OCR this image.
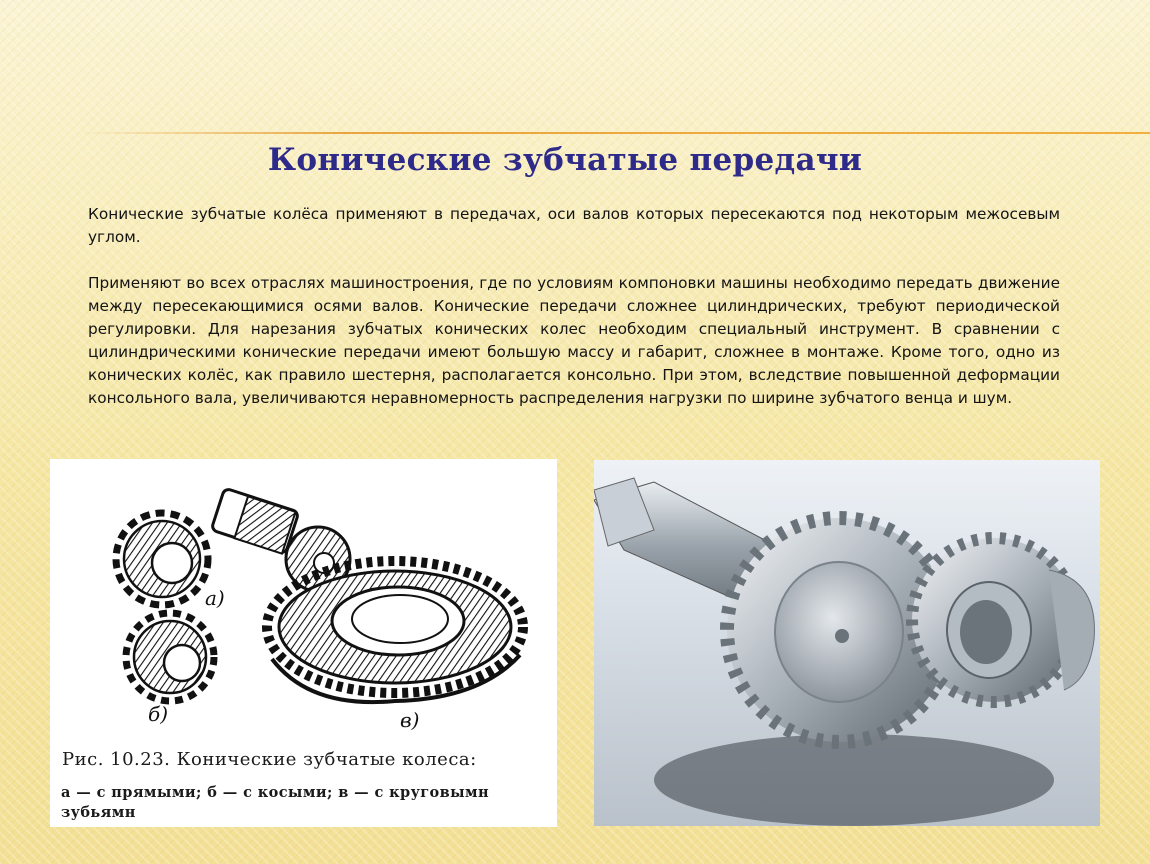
Конические зубчатые передачи

Конические зубчатые колёса применяют в передачах, оси валов которых пересекаются под некоторым межосевым углом.

Применяют во всех отраслях машиностроения, где по условиям компоновки машины необходимо передать движение между пересекающимися осями валов. Конические передачи сложнее цилиндрических, требуют периодической регулировки. Для нарезания зубчатых конических колес необходим специальный инструмент. В сравнении с цилиндрическими конические передачи имеют большую массу и габарит, сложнее в монтаже. Кроме того, одно из конических колёс, как правило шестерня, располагается консольно. При этом, вследствие повышенной деформации консольного вала, увеличиваются неравномерность распределения нагрузки по ширине зубчатого венца и шум.

а)
б)	в)
Рис. 10.23. Конические зубчатые колеса:
а — с прямыми; б — с косыми; в — с круговымн зубьямн
